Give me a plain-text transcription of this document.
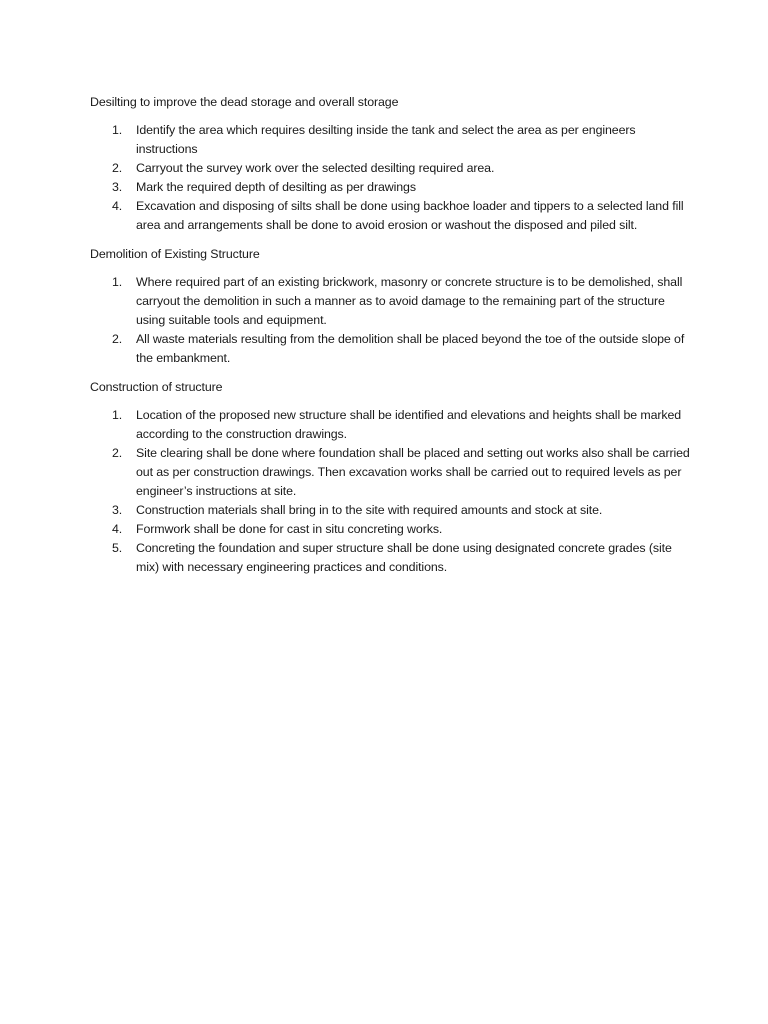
Desilting to improve the dead storage and overall storage

1. Identify the area which requires desilting inside the tank and select the area as per engineers instructions
2. Carryout the survey work over the selected desilting required area.
3. Mark the required depth of desilting as per drawings
4. Excavation and disposing of silts shall be done using backhoe loader and tippers to a selected land fill area and arrangements shall be done to avoid erosion or washout the disposed and piled silt.

Demolition of Existing Structure

1. Where required part of an existing brickwork, masonry or concrete structure is to be demolished, shall carryout the demolition in such a manner as to avoid damage to the remaining part of the structure using suitable tools and equipment.
2. All waste materials resulting from the demolition shall be placed beyond the toe of the outside slope of the embankment.

Construction of structure

1. Location of the proposed new structure shall be identified and elevations and heights shall be marked according to the construction drawings.
2. Site clearing shall be done where foundation shall be placed and setting out works also shall be carried out as per construction drawings. Then excavation works shall be carried out to required levels as per engineer’s instructions at site.
3. Construction materials shall bring in to the site with required amounts and stock at site.
4. Formwork shall be done for cast in situ concreting works.
5. Concreting the foundation and super structure shall be done using designated concrete grades (site mix) with necessary engineering practices and conditions.
